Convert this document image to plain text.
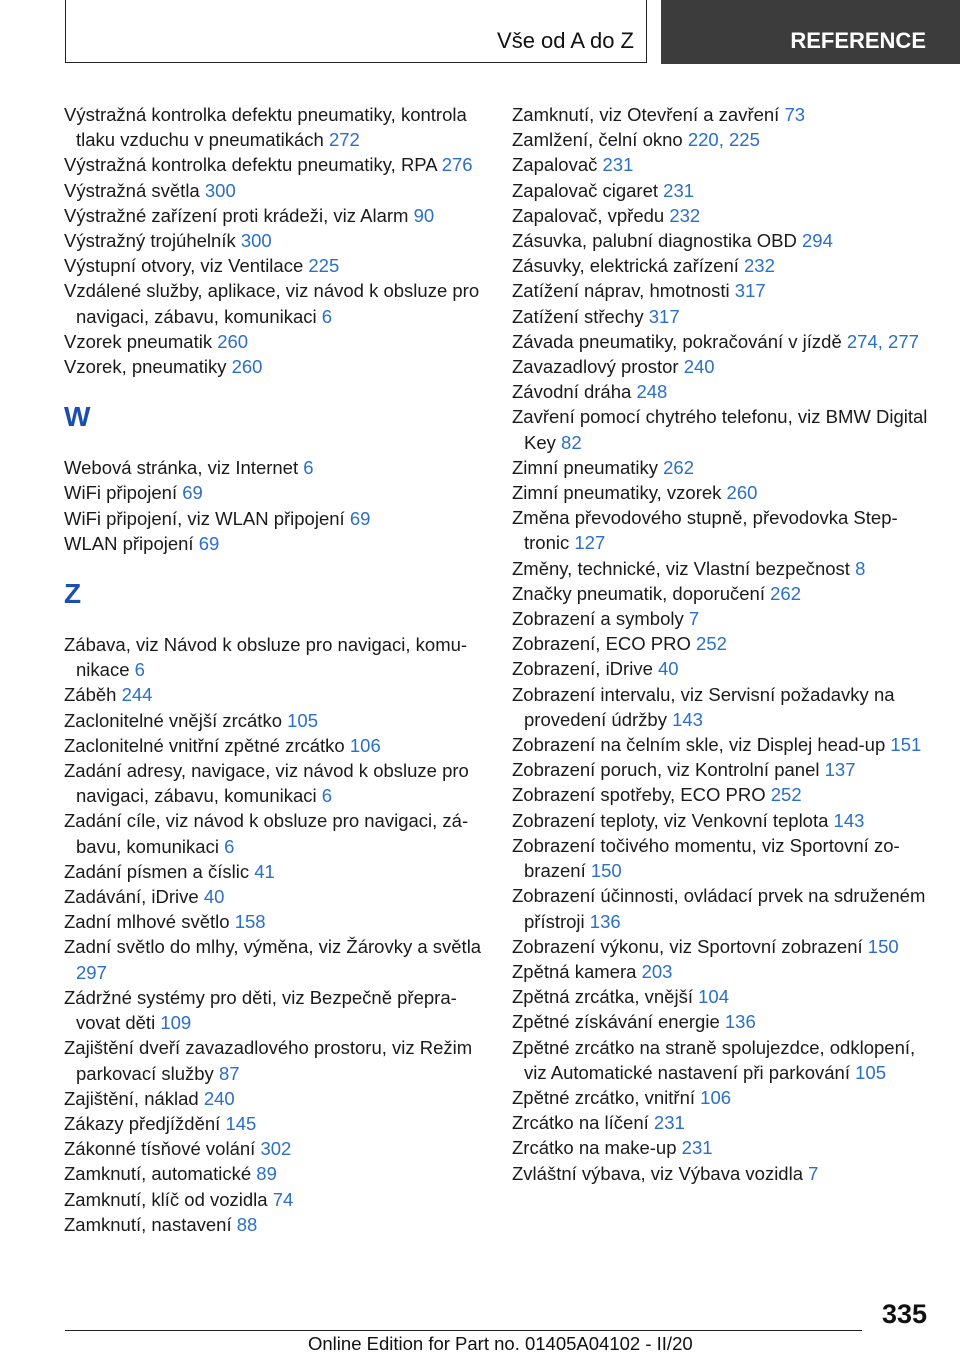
Vše od A do Z	REFERENCE
Výstražná kontrolka defektu pneumatiky, kontrola tlaku vzduchu v pneumatikách 272
Výstražná kontrolka defektu pneumatiky, RPA 276
Výstražná světla 300
Výstražné zařízení proti krádeži, viz Alarm 90
Výstražný trojúhelník 300
Výstupní otvory, viz Ventilace 225
Vzdálené služby, aplikace, viz návod k obsluze pro navigaci, zábavu, komunikaci 6
Vzorek pneumatik 260
Vzorek, pneumatiky 260
W
Webová stránka, viz Internet 6
WiFi připojení 69
WiFi připojení, viz WLAN připojení 69
WLAN připojení 69
Z
Zábava, viz Návod k obsluze pro navigaci, komunikace 6
Záběh 244
Zaclonitelné vnější zrcátko 105
Zaclonitelné vnitřní zpětné zrcátko 106
Zadání adresy, navigace, viz návod k obsluze pro navigaci, zábavu, komunikaci 6
Zadání cíle, viz návod k obsluze pro navigaci, zábavu, komunikaci 6
Zadání písmen a číslic 41
Zadávání, iDrive 40
Zadní mlhové světlo 158
Zadní světlo do mlhy, výměna, viz Žárovky a světla 297
Zádržné systémy pro děti, viz Bezpečně přepravovat děti 109
Zajištění dveří zavazadlového prostoru, viz Režim parkovací služby 87
Zajištění, náklad 240
Zákazy předjíždění 145
Zákonné tísňové volání 302
Zamknutí, automatické 89
Zamknutí, klíč od vozidla 74
Zamknutí, nastavení 88
Zamknutí, viz Otevření a zavření 73
Zamlžení, čelní okno 220, 225
Zapalovač 231
Zapalovač cigaret 231
Zapalovač, vpředu 232
Zásuvka, palubní diagnostika OBD 294
Zásuvky, elektrická zařízení 232
Zatížení náprav, hmotnosti 317
Zatížení střechy 317
Závada pneumatiky, pokračování v jízdě 274, 277
Zavazadlový prostor 240
Závodní dráha 248
Zavření pomocí chytrého telefonu, viz BMW Digital Key 82
Zimní pneumatiky 262
Zimní pneumatiky, vzorek 260
Změna převodového stupně, převodovka Steptronic 127
Změny, technické, viz Vlastní bezpečnost 8
Značky pneumatik, doporučení 262
Zobrazení a symboly 7
Zobrazení, ECO PRO 252
Zobrazení, iDrive 40
Zobrazení intervalu, viz Servisní požadavky na provedení údržby 143
Zobrazení na čelním skle, viz Displej head-up 151
Zobrazení poruch, viz Kontrolní panel 137
Zobrazení spotřeby, ECO PRO 252
Zobrazení teploty, viz Venkovní teplota 143
Zobrazení točivého momentu, viz Sportovní zobrazení 150
Zobrazení účinnosti, ovládací prvek na sdruženém přístroji 136
Zobrazení výkonu, viz Sportovní zobrazení 150
Zpětná kamera 203
Zpětná zrcátka, vnější 104
Zpětné získávání energie 136
Zpětné zrcátko na straně spolujezdce, odklopení, viz Automatické nastavení při parkování 105
Zpětné zrcátko, vnitřní 106
Zrcátko na líčení 231
Zrcátko na make-up 231
Zvláštní výbava, viz Výbava vozidla 7
335
Online Edition for Part no. 01405A04102 - II/20
